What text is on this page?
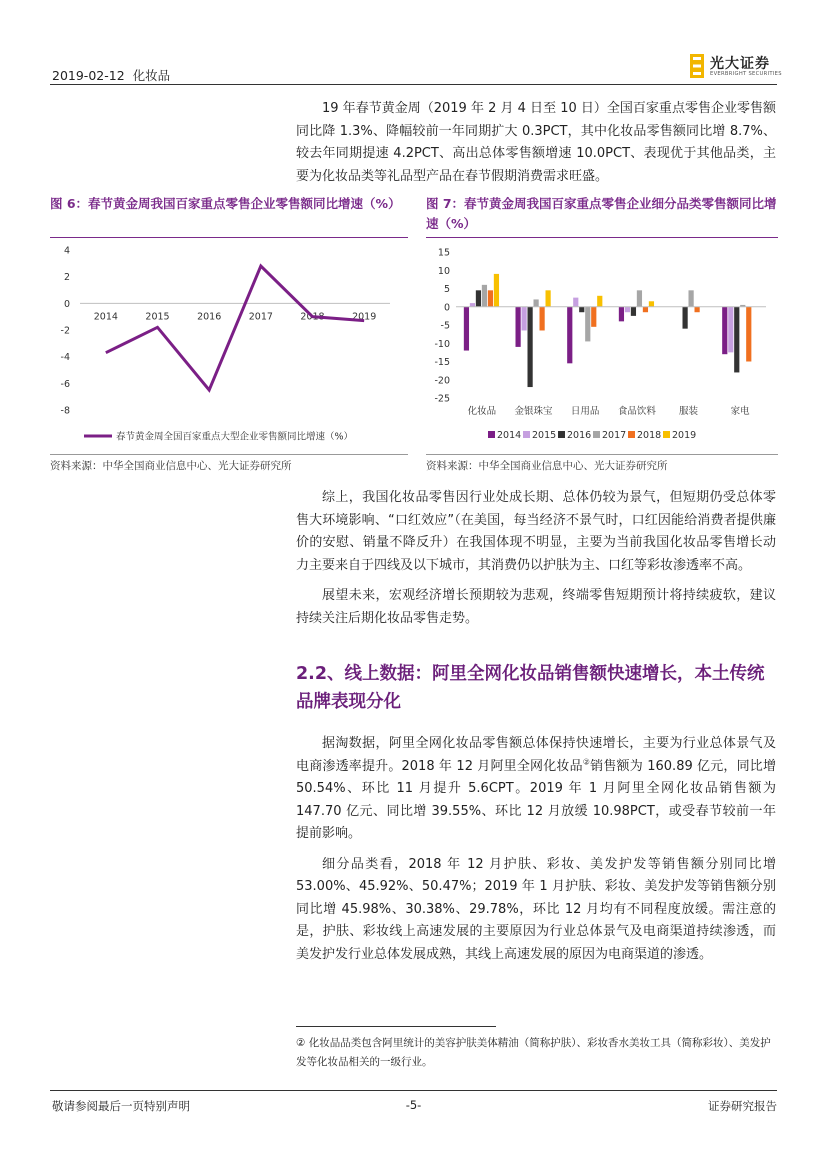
2019-02-12 化妆品
光大证券
EVERBRIGHT SECURITIES

19 年春节黄金周（2019 年 2 月 4 日至 10 日）全国百家重点零售企业零售额同比降 1.3%、降幅较前一年同期扩大 0.3PCT，其中化妆品零售额同比增 8.7%、较去年同期提速 4.2PCT、高出总体零售额增速 10.0PCT、表现优于其他品类，主要为化妆品类等礼品型产品在春节假期消费需求旺盛。

图 6：春节黄金周我国百家重点零售企业零售额同比增速（%）
4
2
0
-2
-4
-6
-8
2014	2015	2016	2017	2018	2019
春节黄金周全国百家重点大型企业零售额同比增速（%）
资料来源：中华全国商业信息中心、光大证券研究所
图 7：春节黄金周我国百家重点零售企业细分品类零售额同比增速（%）
15
10
5
0
-5
-10
-15
-20
-25
化妆品 金银珠宝 日用品 食品饮料 服装	家电
2014 2015 2016 2017 2018 2019
资料来源：中华全国商业信息中心、光大证券研究所

综上，我国化妆品零售因行业处成长期、总体仍较为景气，但短期仍受总体零售大环境影响、“口红效应”（在美国，每当经济不景气时，口红因能给消费者提供廉价的安慰、销量不降反升）在我国体现不明显，主要为当前我国化妆品零售增长动力主要来自于四线及以下城市，其消费仍以护肤为主、口红等彩妆渗透率不高。

展望未来，宏观经济增长预期较为悲观，终端零售短期预计将持续疲软，建议持续关注后期化妆品零售走势。

2.2、线上数据：阿里全网化妆品销售额快速增长，本土传统品牌表现分化

据淘数据，阿里全网化妆品零售额总体保持快速增长，主要为行业总体景气及电商渗透率提升。2018 年 12 月阿里全网化妆品②销售额为 160.89 亿元，同比增 50.54%、环比 11 月提升 5.6CPT。2019 年 1 月阿里全网化妆品销售额为 147.70 亿元、同比增 39.55%、环比 12 月放缓 10.98PCT，或受春节较前一年提前影响。

细分品类看，2018 年 12 月护肤、彩妆、美发护发等销售额分别同比增 53.00%、45.92%、50.47%；2019 年 1 月护肤、彩妆、美发护发等销售额分别同比增 45.98%、30.38%、29.78%，环比 12 月均有不同程度放缓。需注意的是，护肤、彩妆线上高速发展的主要原因为行业总体景气及电商渠道持续渗透，而美发护发行业总体发展成熟，其线上高速发展的原因为电商渠道的渗透。

② 化妆品品类包含阿里统计的美容护肤美体精油（简称护肤）、彩妆香水美妆工具（简称彩妆）、美发护发等化妆品相关的一级行业。
敬请参阅最后一页特别声明	-5-	证券研究报告
